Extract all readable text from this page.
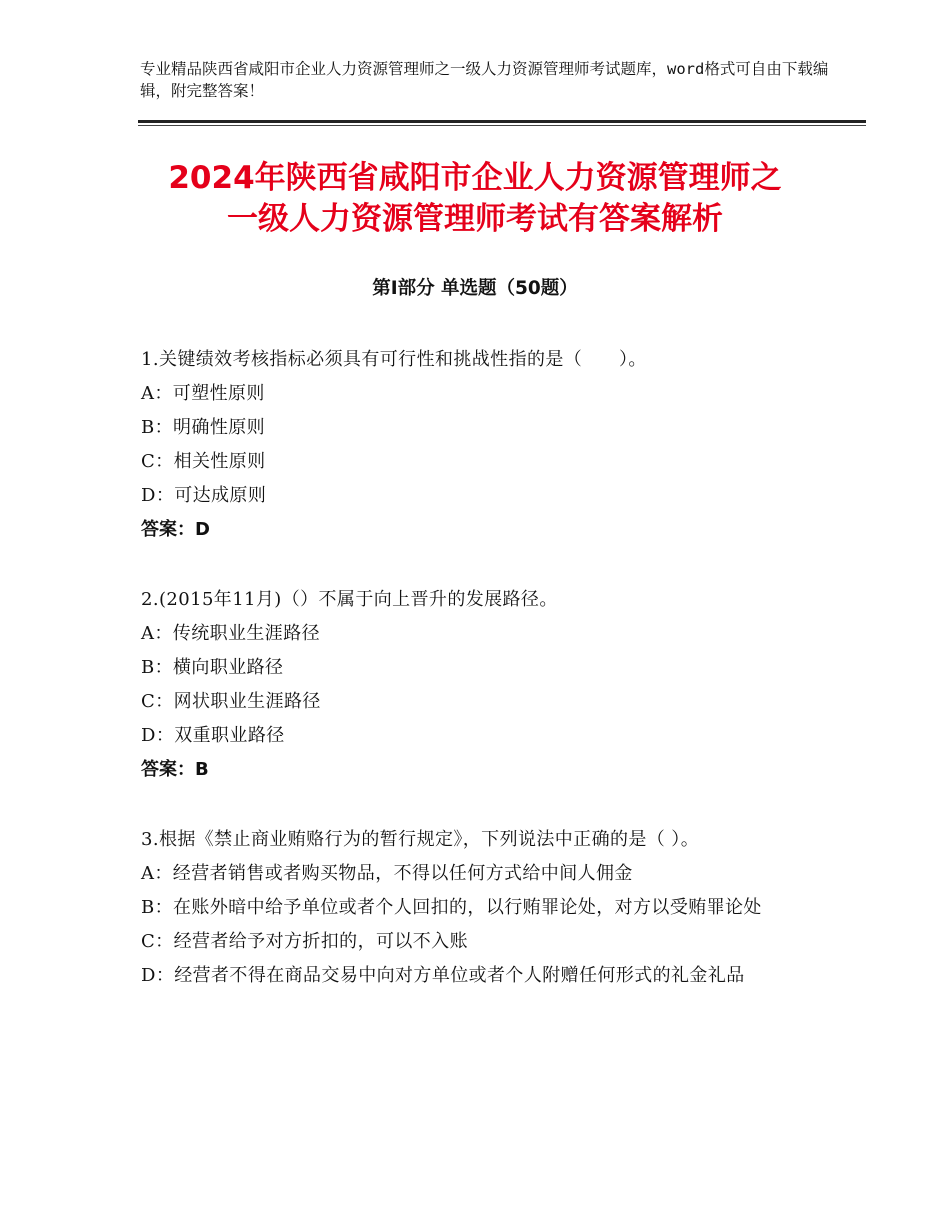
专业精品陕西省咸阳市企业人力资源管理师之一级人力资源管理师考试题库，word格式可自由下载编辑，附完整答案！
2024年陕西省咸阳市企业人力资源管理师之
一级人力资源管理师考试有答案解析
第Ⅰ部分 单选题（50题）

1.关键绩效考核指标必须具有可行性和挑战性指的是（　　）。

A：可塑性原则

B：明确性原则

C：相关性原则

D：可达成原则

答案：D

2.(2015年11月)（）不属于向上晋升的发展路径。

A：传统职业生涯路径

B：横向职业路径

C：网状职业生涯路径

D：双重职业路径

答案：B

3.根据《禁止商业贿赂行为的暂行规定》，下列说法中正确的是（ ）。

A：经营者销售或者购买物品，不得以任何方式给中间人佣金

B：在账外暗中给予单位或者个人回扣的，以行贿罪论处，对方以受贿罪论处

C：经营者给予对方折扣的，可以不入账

D：经营者不得在商品交易中向对方单位或者个人附赠任何形式的礼金礼品
